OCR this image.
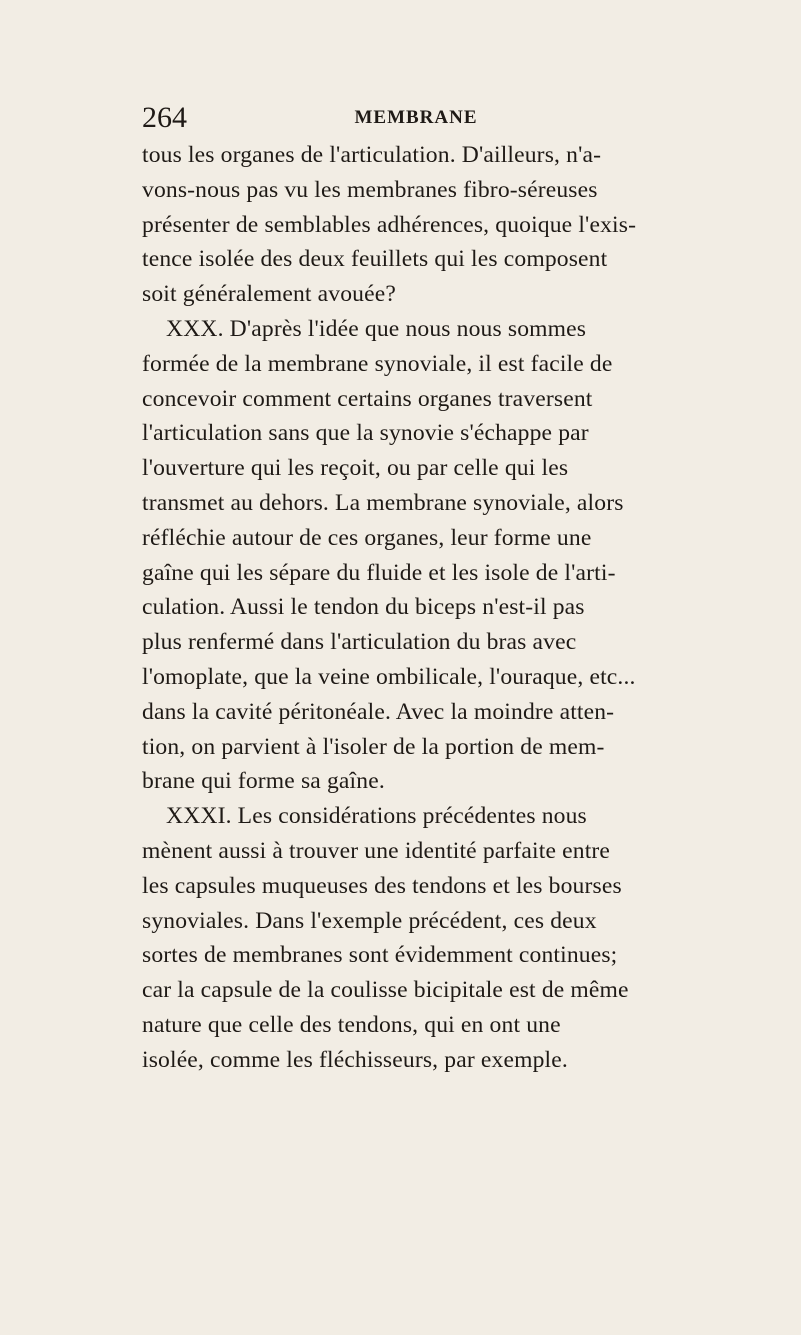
264	MEMBRANE
tous les organes de l'articulation. D'ailleurs, n'a-
vons-nous pas vu les membranes fibro-séreuses
présenter de semblables adhérences, quoique l'exis-
tence isolée des deux feuillets qui les composent
soit généralement avouée?
XXX. D'après l'idée que nous nous sommes
formée de la membrane synoviale, il est facile de
concevoir comment certains organes traversent
l'articulation sans que la synovie s'échappe par
l'ouverture qui les reçoit, ou par celle qui les
transmet au dehors. La membrane synoviale, alors
réfléchie autour de ces organes, leur forme une
gaîne qui les sépare du fluide et les isole de l'arti-
culation. Aussi le tendon du biceps n'est-il pas
plus renfermé dans l'articulation du bras avec
l'omoplate, que la veine ombilicale, l'ouraque, etc...
dans la cavité péritonéale. Avec la moindre atten-
tion, on parvient à l'isoler de la portion de mem-
brane qui forme sa gaîne.
XXXI. Les considérations précédentes nous
mènent aussi à trouver une identité parfaite entre
les capsules muqueuses des tendons et les bourses
synoviales. Dans l'exemple précédent, ces deux
sortes de membranes sont évidemment continues;
car la capsule de la coulisse bicipitale est de même
nature que celle des tendons, qui en ont une
isolée, comme les fléchisseurs, par exemple.
